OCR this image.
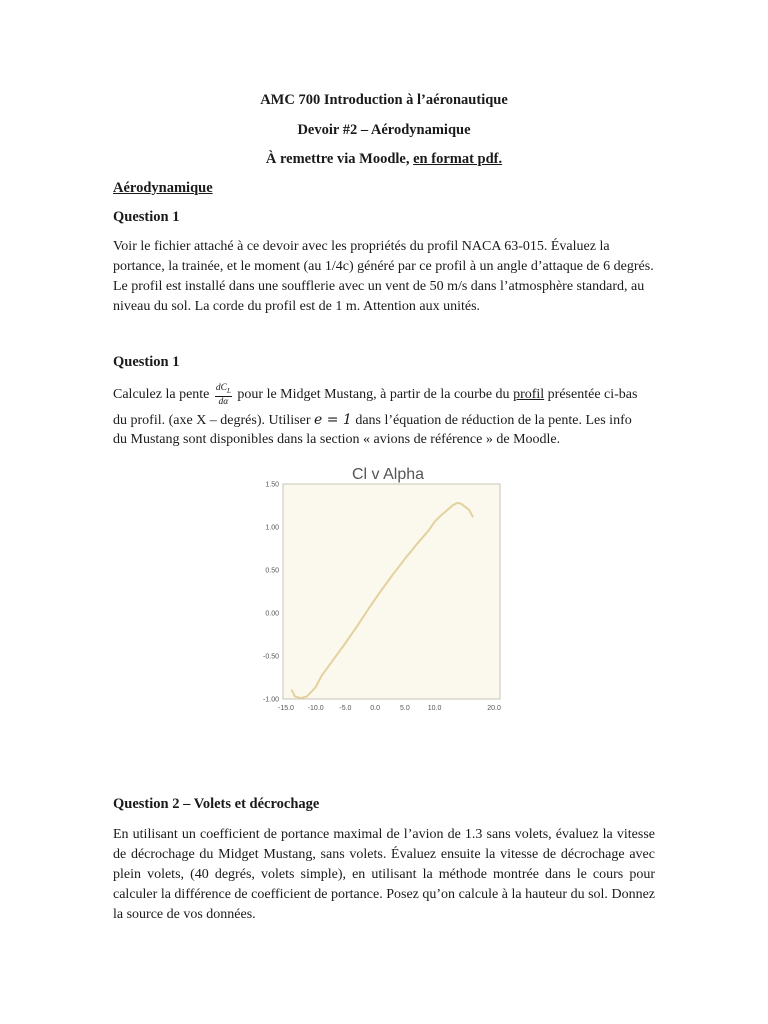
AMC 700 Introduction à l’aéronautique
Devoir #2 – Aérodynamique
À remettre via Moodle, en format pdf.
Aérodynamique
Question 1
Voir le fichier attaché à ce devoir avec les propriétés du profil NACA 63-015. Évaluez la portance, la trainée, et le moment (au 1/4c) généré par ce profil à un angle d’attaque de 6 degrés. Le profil est installé dans une soufflerie avec un vent de 50 m/s dans l’atmosphère standard, au niveau du sol. La corde du profil est de 1 m. Attention aux unités.
Question 1
Calculez la pente $\frac{dC_L}{d\alpha}$ pour le Midget Mustang, à partir de la courbe du profil présentée ci-bas
du profil. (axe X – degrés). Utiliser e = 1 dans l’équation de réduction de la pente. Les info
du Mustang sont disponibles dans la section « avions de référence » de Moodle.
Cl v Alpha
1.50
1.00
0.50
0.00
-0.50
-1.00
-15.0 -10.0 -5.0	0.0	5.0	10.0	20.0
Question 2 – Volets et décrochage
En utilisant un coefficient de portance maximal de l’avion de 1.3 sans volets, évaluez la vitesse de décrochage du Midget Mustang, sans volets. Évaluez ensuite la vitesse de décrochage avec plein volets, (40 degrés, volets simple), en utilisant la méthode montrée dans le cours pour calculer la différence de coefficient de portance. Posez qu’on calcule à la hauteur du sol. Donnez la source de vos données.
